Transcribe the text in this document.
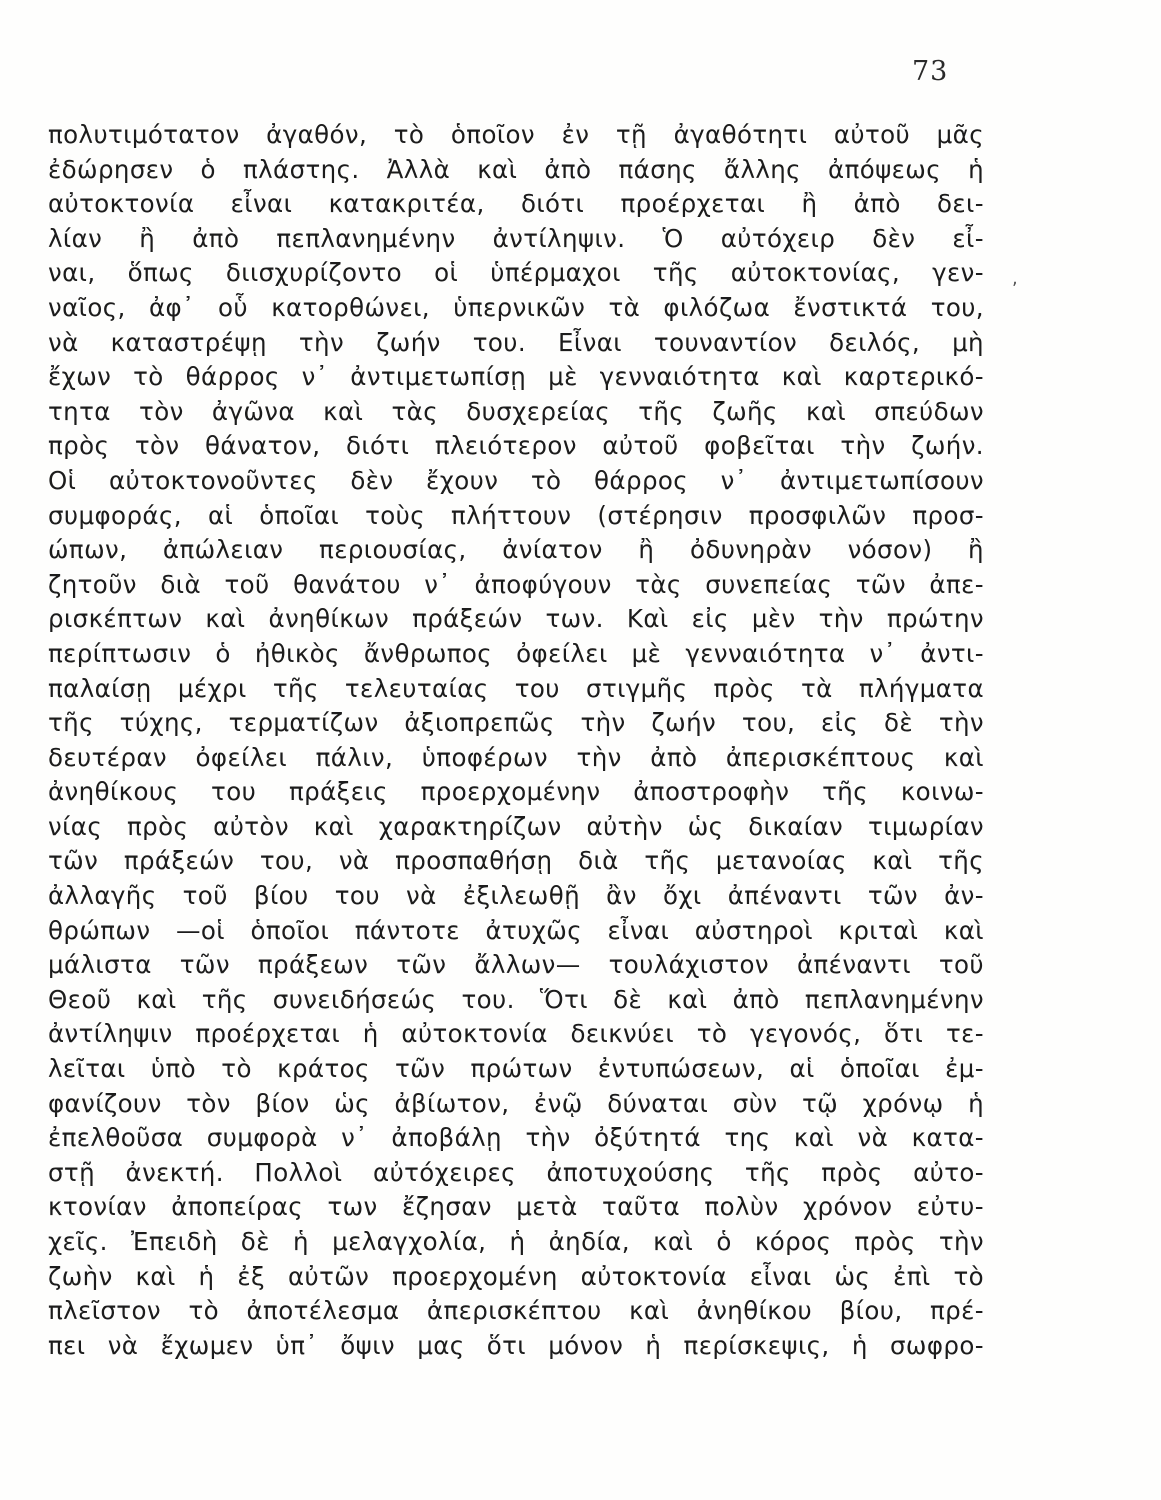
73
,
πολυτιμότατον ἀγαθόν, τὸ ὁποῖον ἐν τῇ ἀγαθότητι αὐτοῦ μᾶς
ἐδώρησεν ὁ πλάστης. Ἀλλὰ καὶ ἀπὸ πάσης ἄλλης ἀπόψεως ἡ
αὐτοκτονία εἶναι κατακριτέα, διότι προέρχεται ἢ ἀπὸ δει-
λίαν ἢ ἀπὸ πεπλανημένην ἀντίληψιν. Ὁ αὐτόχειρ δὲν εἶ-
ναι, ὅπως διισχυρίζοντο οἱ ὑπέρμαχοι τῆς αὐτοκτονίας, γεν-
ναῖος, ἀφ᾽ οὗ κατορθώνει, ὑπερνικῶν τὰ φιλόζωα ἔνστικτά του,
νὰ καταστρέψῃ τὴν ζωήν του. Εἶναι τουναντίον δειλός, μὴ
ἔχων τὸ θάρρος ν᾽ ἀντιμετωπίσῃ μὲ γενναιότητα καὶ καρτερικό-
τητα τὸν ἀγῶνα καὶ τὰς δυσχερείας τῆς ζωῆς καὶ σπεύδων
πρὸς τὸν θάνατον, διότι πλειότερον αὐτοῦ φοβεῖται τὴν ζωήν.
Οἱ αὐτοκτονοῦντες δὲν ἔχουν τὸ θάρρος ν᾽ ἀντιμετωπίσουν
συμφοράς, αἱ ὁποῖαι τοὺς πλήττουν (στέρησιν προσφιλῶν προσ-
ώπων, ἀπώλειαν περιουσίας, ἀνίατον ἢ ὀδυνηρὰν νόσον) ἢ
ζητοῦν διὰ τοῦ θανάτου ν᾽ ἀποφύγουν τὰς συνεπείας τῶν ἀπε-
ρισκέπτων καὶ ἀνηθίκων πράξεών των. Καὶ εἰς μὲν τὴν πρώτην
περίπτωσιν ὁ ἠθικὸς ἄνθρωπος ὀφείλει μὲ γενναιότητα ν᾽ ἀντι-
παλαίσῃ μέχρι τῆς τελευταίας του στιγμῆς πρὸς τὰ πλήγματα
τῆς τύχης, τερματίζων ἀξιοπρεπῶς τὴν ζωήν του, εἰς δὲ τὴν
δευτέραν ὀφείλει πάλιν, ὑποφέρων τὴν ἀπὸ ἀπερισκέπτους καὶ
ἀνηθίκους του πράξεις προερχομένην ἀποστροφὴν τῆς κοινω-
νίας πρὸς αὐτὸν καὶ χαρακτηρίζων αὐτὴν ὡς δικαίαν τιμωρίαν
τῶν πράξεών του, νὰ προσπαθήσῃ διὰ τῆς μετανοίας καὶ τῆς
ἀλλαγῆς τοῦ βίου του νὰ ἐξιλεωθῇ ἂν ὄχι ἀπέναντι τῶν ἀν-
θρώπων —οἱ ὁποῖοι πάντοτε ἀτυχῶς εἶναι αὐστηροὶ κριταὶ καὶ
μάλιστα τῶν πράξεων τῶν ἄλλων— τουλάχιστον ἀπέναντι τοῦ
Θεοῦ καὶ τῆς συνειδήσεώς του. Ὅτι δὲ καὶ ἀπὸ πεπλανημένην
ἀντίληψιν προέρχεται ἡ αὐτοκτονία δεικνύει τὸ γεγονός, ὅτι τε-
λεῖται ὑπὸ τὸ κράτος τῶν πρώτων ἐντυπώσεων, αἱ ὁποῖαι ἐμ-
φανίζουν τὸν βίον ὡς ἀβίωτον, ἐνῷ δύναται σὺν τῷ χρόνῳ ἡ
ἐπελθοῦσα συμφορὰ ν᾽ ἀποβάλῃ τὴν ὀξύτητά της καὶ νὰ κατα-
στῇ ἀνεκτή. Πολλοὶ αὐτόχειρες ἀποτυχούσης τῆς πρὸς αὐτο-
κτονίαν ἀποπείρας των ἔζησαν μετὰ ταῦτα πολὺν χρόνον εὐτυ-
χεῖς. Ἐπειδὴ δὲ ἡ μελαγχολία, ἡ ἀηδία, καὶ ὁ κόρος πρὸς τὴν
ζωὴν καὶ ἡ ἐξ αὐτῶν προερχομένη αὐτοκτονία εἶναι ὡς ἐπὶ τὸ
πλεῖστον τὸ ἀποτέλεσμα ἀπερισκέπτου καὶ ἀνηθίκου βίου, πρέ-
πει νὰ ἔχωμεν ὑπ᾽ ὄψιν μας ὅτι μόνον ἡ περίσκεψις, ἡ σωφρο-
